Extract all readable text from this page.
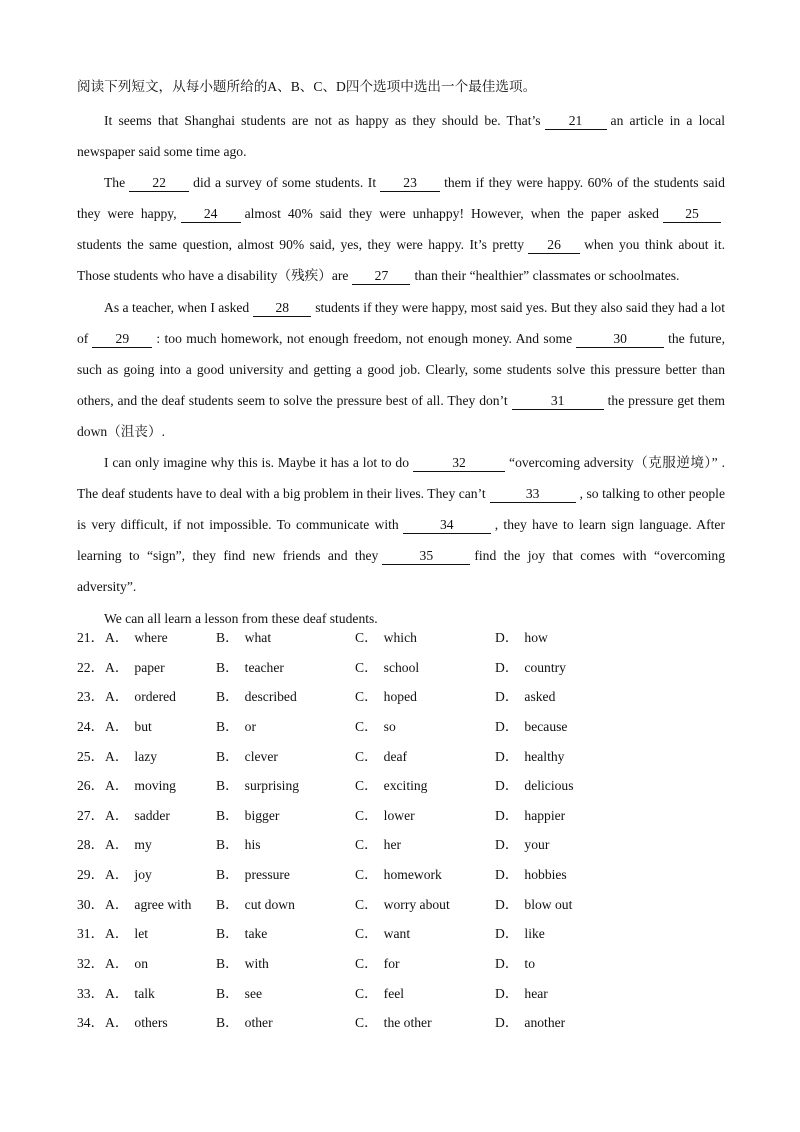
阅读下列短文，从每小题所给的A、B、C、D四个选项中选出一个最佳选项。

It seems that Shanghai students are not as happy as they should be. That’s 21 an article in a local newspaper said some time ago.

The 22 did a survey of some students. It 23 them if they were happy. 60% of the students said they were happy, 24 almost 40% said they were unhappy! However, when the paper asked 25students the same question, almost 90% said, yes, they were happy. It’s pretty 26 when you think about it. Those students who have a disability（残疾）are 27 than their “healthier” classmates or schoolmates.

As a teacher, when I asked 28 students if they were happy, most said yes. But they also said they had a lot of 29 : too much homework, not enough freedom, not enough money. And some	30	the future, such as going into a good university and getting a good job. Clearly, some students solve this pressure better than others, and the deaf students seem to solve the pressure best of all. They don’t	31	the pressure get them down（沮丧）.

I can only imagine why this is. Maybe it has a lot to do	32	“overcoming adversity（克服逆境）” . The deaf students have to deal with a big problem in their lives. They can’t	33	, so talking to other people is very difficult, if not impossible. To communicate with	34	, they have to learn sign language. After learning to “sign”, they find new friends and they	35	find the joy that comes with “overcoming adversity”.

We can all learn a lesson from these deaf students.

21． A． where	B． what	C． which	D． how
22． A． paper	B． teacher	C． school	D． country
23． A． ordered	B． described	C． hoped	D． asked
24． A． but	B． or	C． so	D． because
25． A． lazy	B． clever	C． deaf	D． healthy
26． A． moving	B． surprising	C． exciting	D． delicious
27． A． sadder	B． bigger	C． lower	D． happier
28． A． my	B． his	C． her	D． your
29． A． joy	B． pressure	C． homework	D． hobbies
30． A． agree with B． cut down	C． worry about	D． blow out
31． A． let	B． take	C． want	D． like
32． A． on	B． with	C． for	D． to
33． A． talk	B． see	C． feel	D． hear
34． A． others	B． other	C． the other	D． another
